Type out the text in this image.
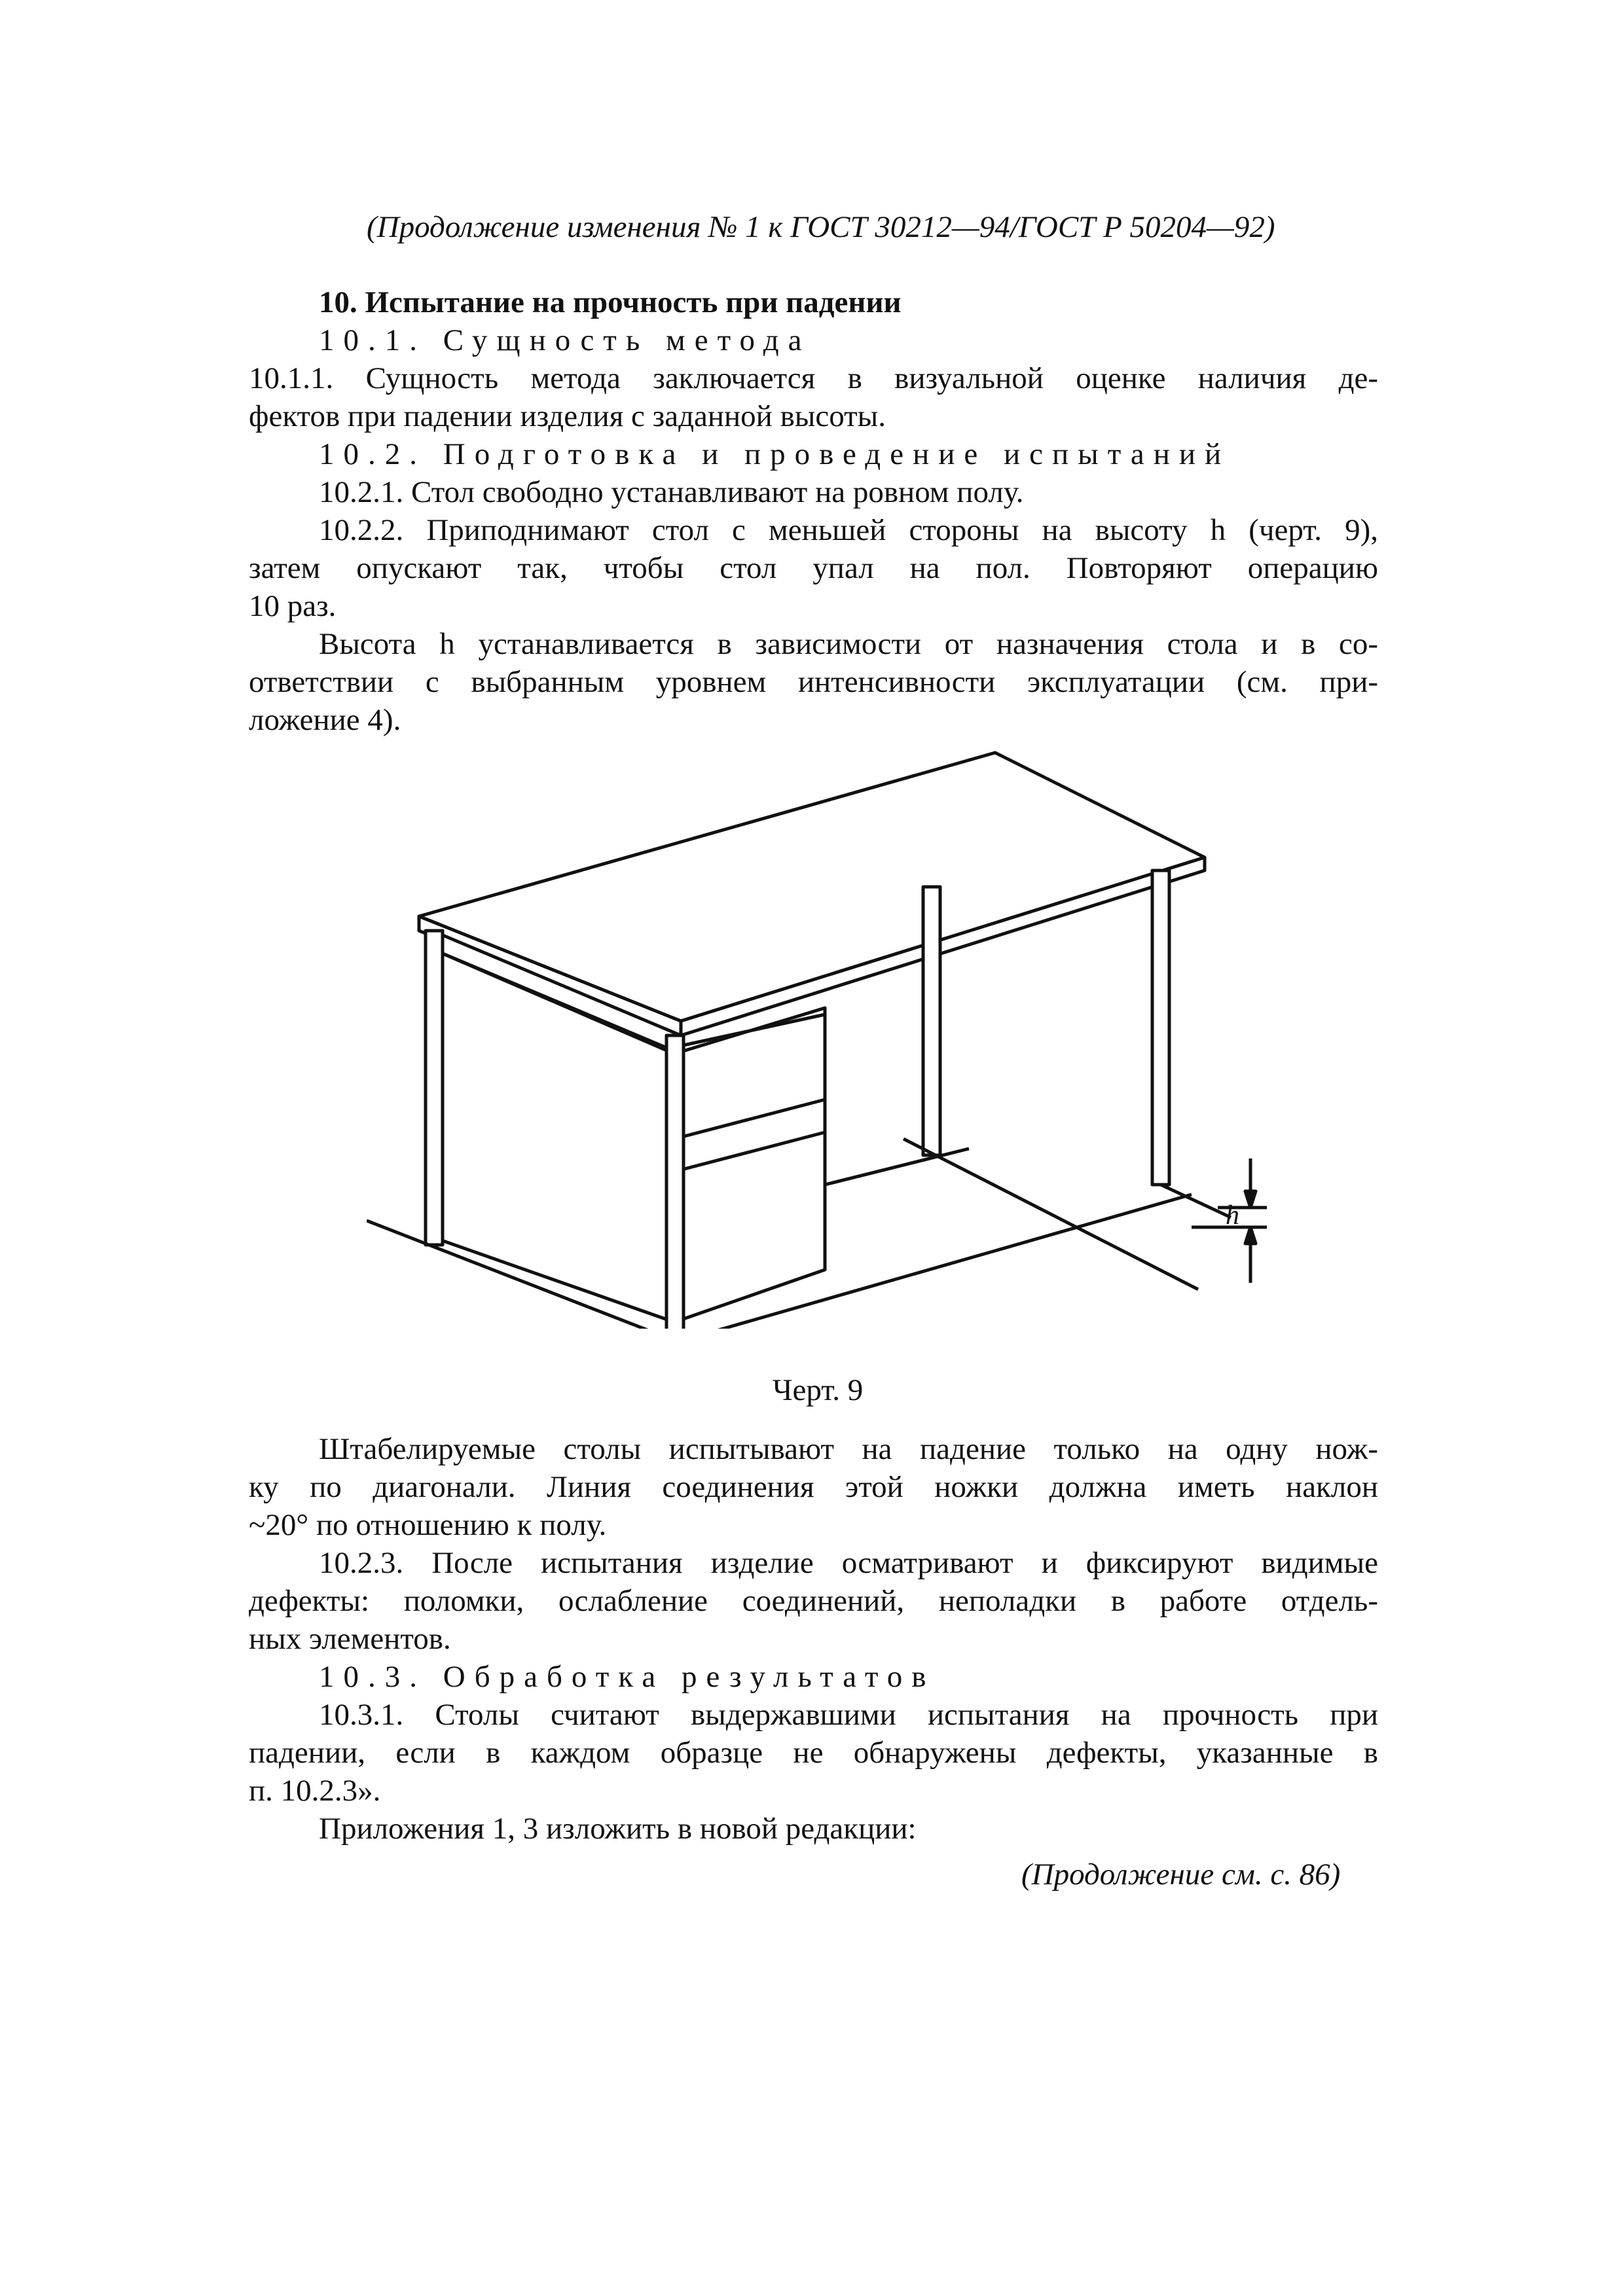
(Продолжение изменения № 1 к ГОСТ 30212—94/ГОСТ Р 50204—92)
10. Испытание на прочность при падении
10.1. Сущность метода
10.1.1. Сущность метода заключается в визуальной оценке наличия де-
фектов при падении изделия с заданной высоты.
10.2. Подготовка и проведение испытаний
10.2.1. Стол свободно устанавливают на ровном полу.
10.2.2. Приподнимают стол с меньшей стороны на высоту h (черт. 9),
затем опускают так, чтобы стол упал на пол. Повторяют операцию
10 раз.
Высота h устанавливается в зависимости от назначения стола и в со-
ответствии с выбранным уровнем интенсивности эксплуатации (см. при-
ложение 4).
h
Черт. 9
Штабелируемые столы испытывают на падение только на одну нож-
ку по диагонали. Линия соединения этой ножки должна иметь наклон
~20° по отношению к полу.
10.2.3. После испытания изделие осматривают и фиксируют видимые
дефекты: поломки, ослабление соединений, неполадки в работе отдель-
ных элементов.
10.3. Обработка результатов
10.3.1. Столы считают выдержавшими испытания на прочность при
падении, если в каждом образце не обнаружены дефекты, указанные в
п. 10.2.3».
Приложения 1, 3 изложить в новой редакции:
(Продолжение см. с. 86)
